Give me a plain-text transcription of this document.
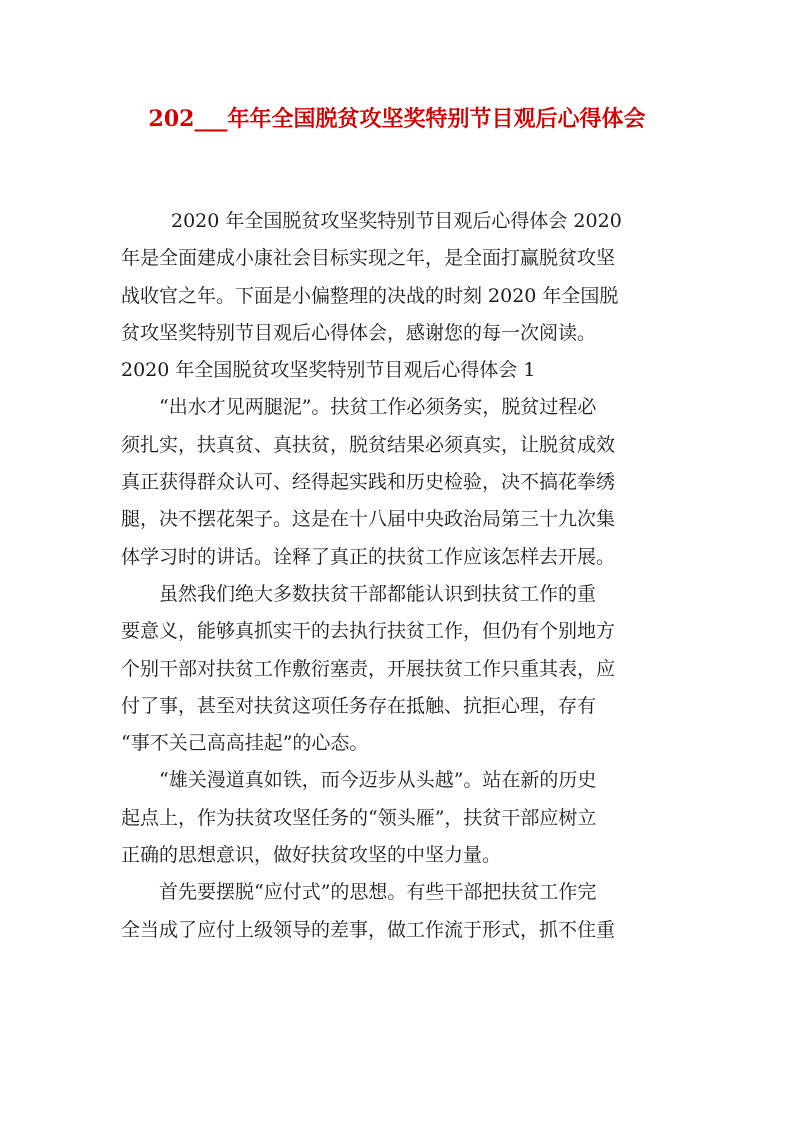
202___年年全国脱贫攻坚奖特别节目观后心得体会
2020 年全国脱贫攻坚奖特别节目观后心得体会 2020
年是全面建成小康社会目标实现之年，是全面打赢脱贫攻坚
战收官之年。下面是小偏整理的决战的时刻 2020 年全国脱
贫攻坚奖特别节目观后心得体会，感谢您的每一次阅读。
2020 年全国脱贫攻坚奖特别节目观后心得体会 1
“出水才见两腿泥”。扶贫工作必须务实，脱贫过程必
须扎实，扶真贫、真扶贫，脱贫结果必须真实，让脱贫成效
真正获得群众认可、经得起实践和历史检验，决不搞花拳绣
腿，决不摆花架子。这是在十八届中央政治局第三十九次集
体学习时的讲话。诠释了真正的扶贫工作应该怎样去开展。
虽然我们绝大多数扶贫干部都能认识到扶贫工作的重
要意义，能够真抓实干的去执行扶贫工作，但仍有个别地方
个别干部对扶贫工作敷衍塞责，开展扶贫工作只重其表，应
付了事，甚至对扶贫这项任务存在抵触、抗拒心理，存有
“事不关己高高挂起”的心态。
“雄关漫道真如铁，而今迈步从头越”。站在新的历史
起点上，作为扶贫攻坚任务的“领头雁”，扶贫干部应树立
正确的思想意识，做好扶贫攻坚的中坚力量。
首先要摆脱“应付式”的思想。有些干部把扶贫工作完
全当成了应付上级领导的差事，做工作流于形式，抓不住重
